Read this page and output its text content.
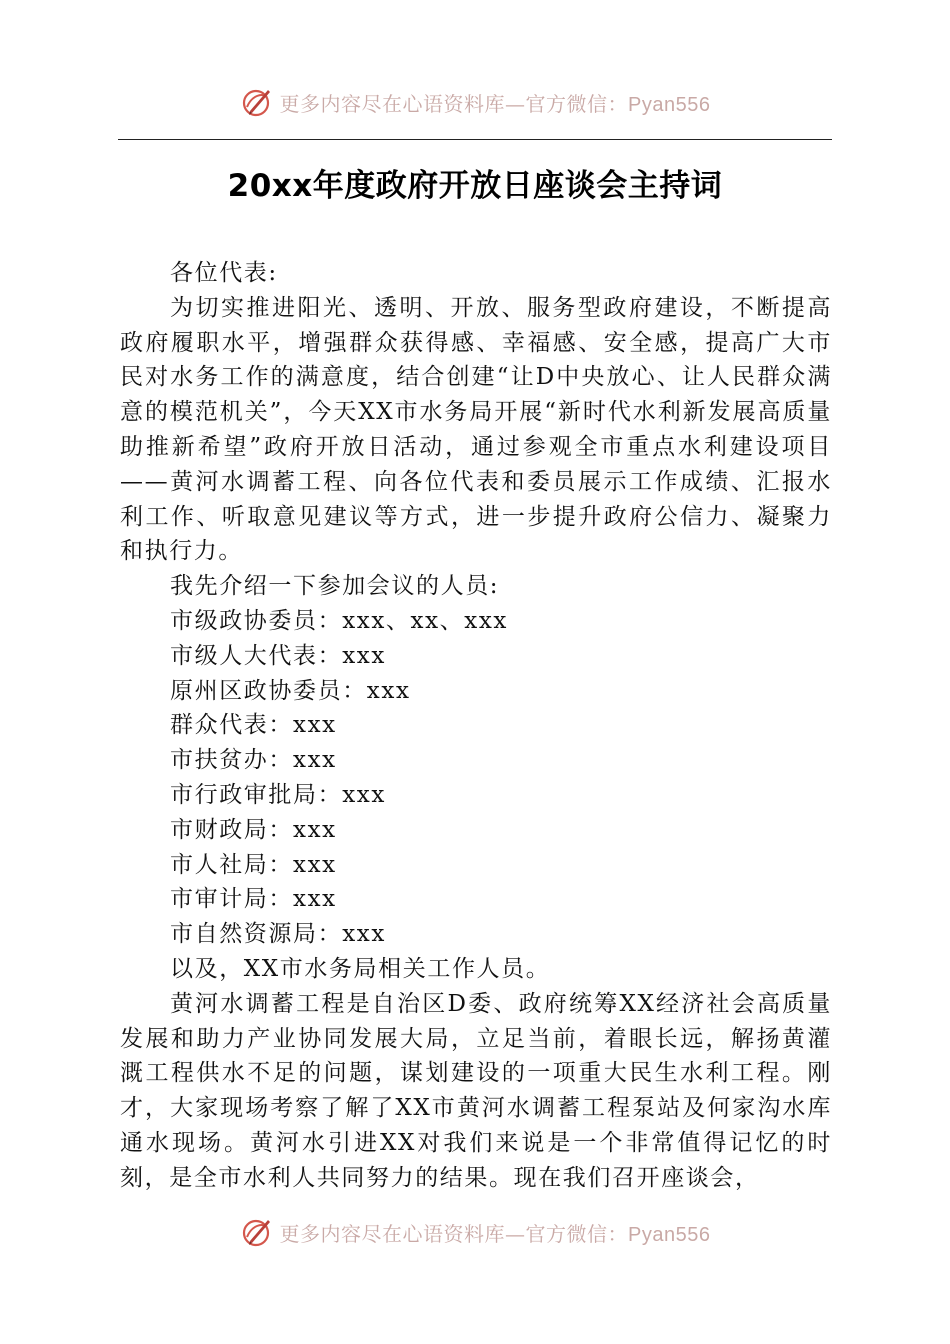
更多内容尽在心语资料库—官方微信：Pyan556
20xx年度政府开放日座谈会主持词

各位代表:

为切实推进阳光、透明、开放、服务型政府建设，不断提高政府履职水平，增强群众获得感、幸福感、安全感，提高广大市民对水务工作的满意度，结合创建“让D中央放心、让人民群众满意的模范机关”，今天XX市水务局开展“新时代水利新发展高质量助推新希望”政府开放日活动，通过参观全市重点水利建设项目——黄河水调蓄工程、向各位代表和委员展示工作成绩、汇报水利工作、听取意见建议等方式，进一步提升政府公信力、凝聚力和执行力。

我先介绍一下参加会议的人员:

市级政协委员：xxx、xx、xxx

市级人大代表：xxx

原州区政协委员：xxx

群众代表：xxx

市扶贫办：xxx

市行政审批局：xxx

市财政局：xxx

市人社局：xxx

市审计局：xxx

市自然资源局：xxx

以及，XX市水务局相关工作人员。

黄河水调蓄工程是自治区D委、政府统筹XX经济社会高质量发展和助力产业协同发展大局，立足当前，着眼长远，解扬黄灌溉工程供水不足的问题，谋划建设的一项重大民生水利工程。刚才，大家现场考察了解了XX市黄河水调蓄工程泵站及何家沟水库通水现场。黄河水引进XX对我们来说是一个非常值得记忆的时刻，是全市水利人共同努力的结果。现在我们召开座谈会，

更多内容尽在心语资料库—官方微信：Pyan556
